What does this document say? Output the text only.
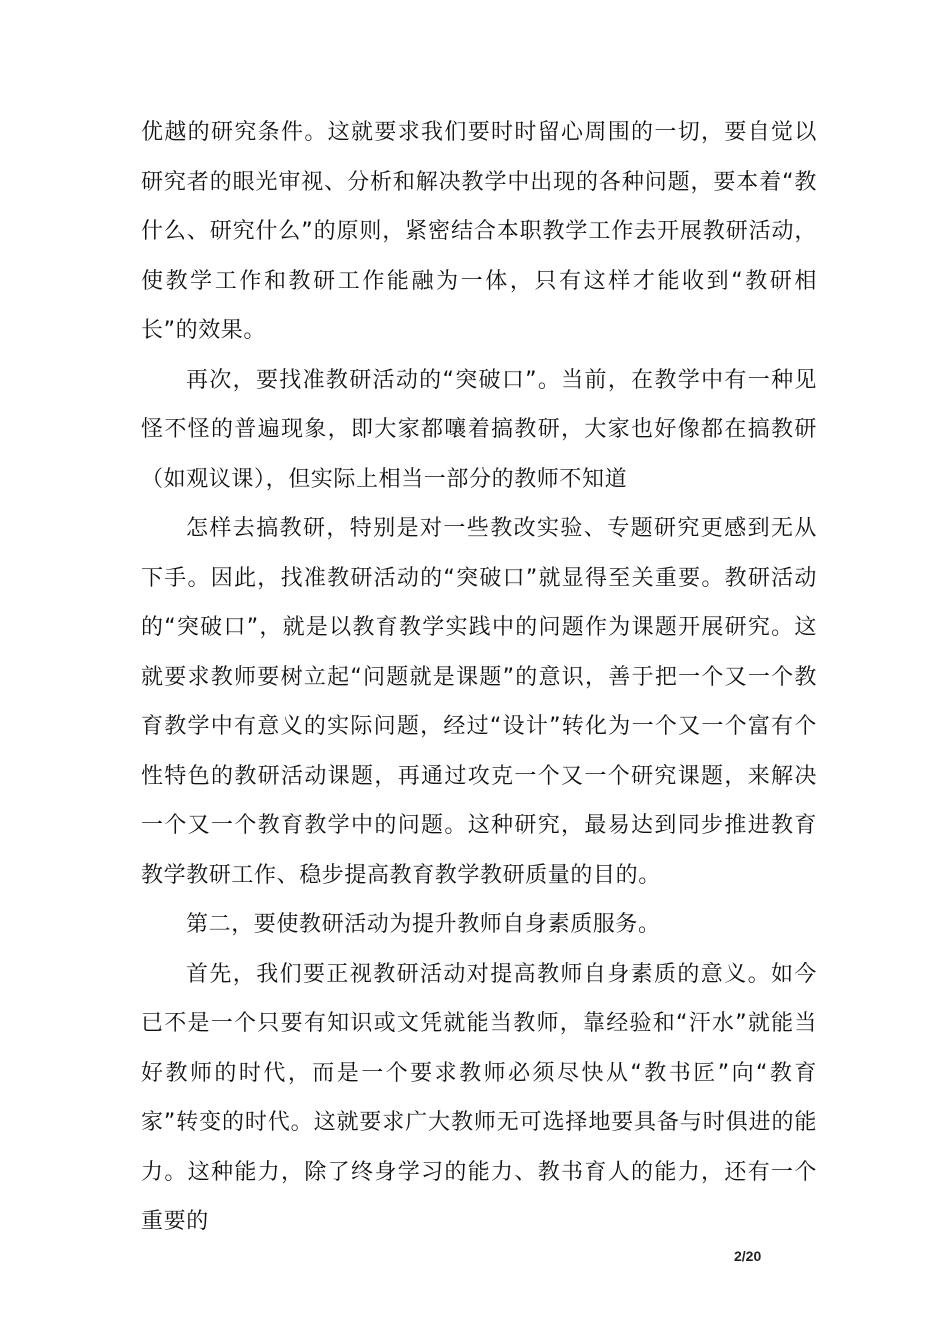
优越的研究条件。这就要求我们要时时留心周围的一切，要自觉以研究者的眼光审视、分析和解决教学中出现的各种问题，要本着“教什么、研究什么”的原则，紧密结合本职教学工作去开展教研活动，使教学工作和教研工作能融为一体，只有这样才能收到“教研相长”的效果。

再次，要找准教研活动的“突破口”。当前，在教学中有一种见怪不怪的普遍现象，即大家都嚷着搞教研，大家也好像都在搞教研（如观议课），但实际上相当一部分的教师不知道

怎样去搞教研，特别是对一些教改实验、专题研究更感到无从下手。因此，找准教研活动的“突破口”就显得至关重要。教研活动的“突破口”，就是以教育教学实践中的问题作为课题开展研究。这就要求教师要树立起“问题就是课题”的意识，善于把一个又一个教育教学中有意义的实际问题，经过“设计”转化为一个又一个富有个性特色的教研活动课题，再通过攻克一个又一个研究课题，来解决一个又一个教育教学中的问题。这种研究，最易达到同步推进教育教学教研工作、稳步提高教育教学教研质量的目的。

第二，要使教研活动为提升教师自身素质服务。

首先，我们要正视教研活动对提高教师自身素质的意义。如今已不是一个只要有知识或文凭就能当教师，靠经验和“汗水”就能当好教师的时代，而是一个要求教师必须尽快从“教书匠”向“教育家”转变的时代。这就要求广大教师无可选择地要具备与时俱进的能力。这种能力，除了终身学习的能力、教书育人的能力，还有一个重要的

2/20
